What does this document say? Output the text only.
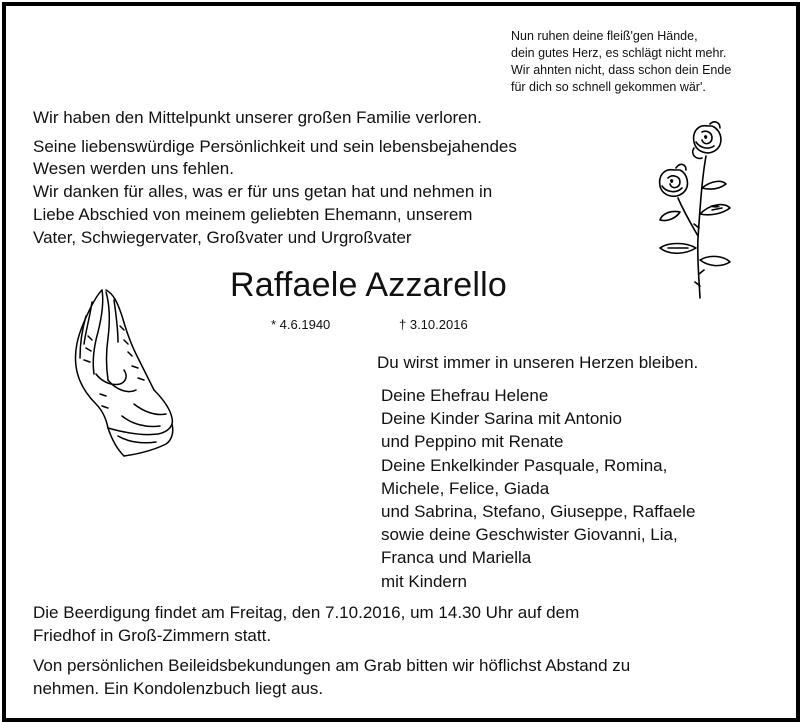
Nun ruhen deine fleiß'gen Hände,
dein gutes Herz, es schlägt nicht mehr.
Wir ahnten nicht, dass schon dein Ende
für dich so schnell gekommen wär'.
Wir haben den Mittelpunkt unserer großen Familie verloren.
Seine liebenswürdige Persönlichkeit und sein lebensbejahendes
Wesen werden uns fehlen.
Wir danken für alles, was er für uns getan hat und nehmen in
Liebe Abschied von meinem geliebten Ehemann, unserem
Vater, Schwiegervater, Großvater und Urgroßvater
Raffaele Azzarello
* 4.6.1940	† 3.10.2016
Du wirst immer in unseren Herzen bleiben.
Deine Ehefrau Helene
Deine Kinder Sarina mit Antonio
und Peppino mit Renate
Deine Enkelkinder Pasquale, Romina,
Michele, Felice, Giada
und Sabrina, Stefano, Giuseppe, Raffaele
sowie deine Geschwister Giovanni, Lia,
Franca und Mariella
mit Kindern
Die Beerdigung findet am Freitag, den 7.10.2016, um 14.30 Uhr auf dem
Friedhof in Groß-Zimmern statt.
Von persönlichen Beileidsbekundungen am Grab bitten wir höflichst Abstand zu
nehmen. Ein Kondolenzbuch liegt aus.
